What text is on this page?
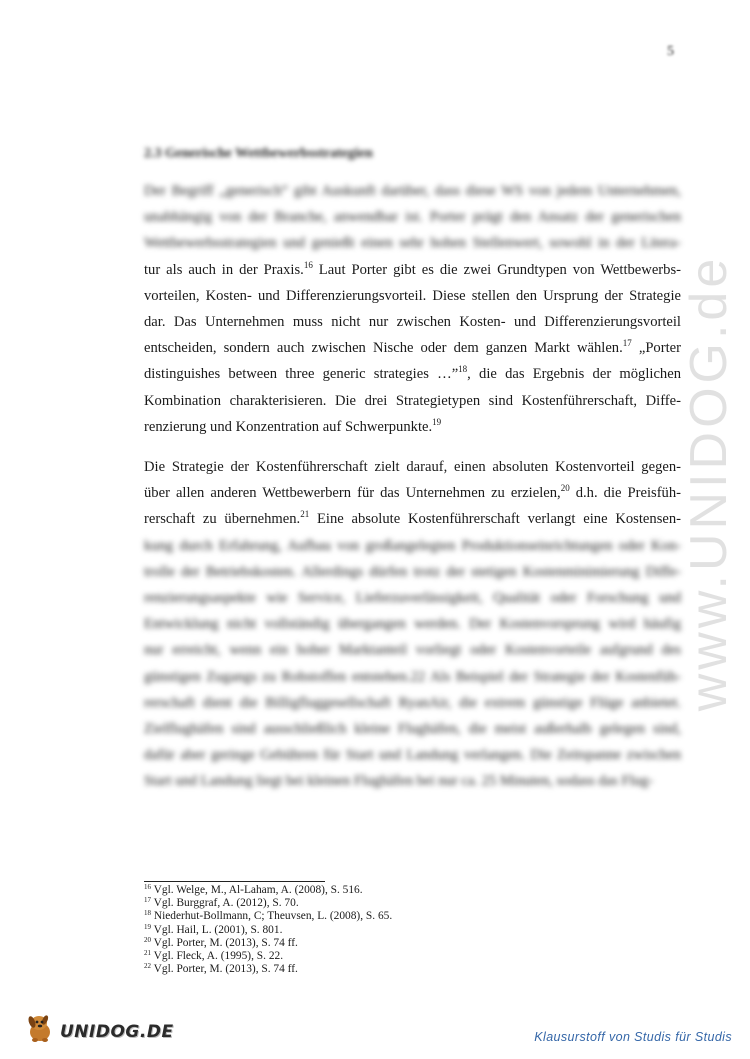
5
2.3 Generische Wettbewerbsstrategien
Der Begriff „generisch“ gibt Auskunft darüber, dass diese WS von jedem Unternehmen,
unabhängig von der Branche, anwendbar ist. Porter prägt den Ansatz der generischen
Wettbewerbsstrategien und genießt einen sehr hohen Stellenwert, sowohl in der Litera-
tur als auch in der Praxis.$^{16}$ Laut Porter gibt es die zwei Grundtypen von Wettbewerbs-
vorteilen, Kosten- und Differenzierungsvorteil. Diese stellen den Ursprung der Strategie
dar. Das Unternehmen muss nicht nur zwischen Kosten- und Differenzierungsvorteil
entscheiden, sondern auch zwischen Nische oder dem ganzen Markt wählen.$^{17}$ „Porter
distinguishes between three generic strategies …”$^{18}$, die das Ergebnis der möglichen
Kombination charakterisieren. Die drei Strategietypen sind Kostenführerschaft, Diffe-
renzierung und Konzentration auf Schwerpunkte.$^{19}$
Die Strategie der Kostenführerschaft zielt darauf, einen absoluten Kostenvorteil gegen-
über allen anderen Wettbewerbern für das Unternehmen zu erzielen,$^{20}$ d.h. die Preisfüh-
rerschaft zu übernehmen.$^{21}$ Eine absolute Kostenführerschaft verlangt eine Kostensen-
kung durch Erfahrung, Aufbau von großangelegten Produktionseinrichtungen oder Kon-
trolle der Betriebskosten. Allerdings dürfen trotz der stetigen Kostenminimierung Diffe-
renzierungsaspekte wie Service, Lieferzuverlässigkeit, Qualität oder Forschung und
Entwicklung nicht vollständig übergangen werden. Der Kostenvorsprung wird häufig
nur erreicht, wenn ein hoher Marktanteil vorliegt oder Kostenvorteile aufgrund des
günstigen Zugangs zu Rohstoffen entstehen.22 Als Beispiel der Strategie der Kostenfüh-
rerschaft dient die Billigfluggesellschaft RyanAir, die extrem günstige Flüge anbietet.
Zielflughäfen sind ausschließlich kleine Flughäfen, die meist außerhalb gelegen sind,
dafür aber geringe Gebühren für Start und Landung verlangen. Die Zeitspanne zwischen
Start und Landung liegt bei kleinen Flughäfen bei nur ca. 25 Minuten, sodass das Flug-
$^{16}$ Vgl. Welge, M., Al-Laham, A. (2008), S. 516.
$^{17}$ Vgl. Burggraf, A. (2012), S. 70.
$^{18}$ Niederhut-Bollmann, C; Theuvsen, L. (2008), S. 65.
$^{19}$ Vgl. Hail, L. (2001), S. 801.
$^{20}$ Vgl. Porter, M. (2013), S. 74 ff.
$^{21}$ Vgl. Fleck, A. (1995), S. 22.
$^{22}$ Vgl. Porter, M. (2013), S. 74 ff.
www.UNIDOG.de
UNIDOG.DE	Klausurstoff von Studis für Studis
